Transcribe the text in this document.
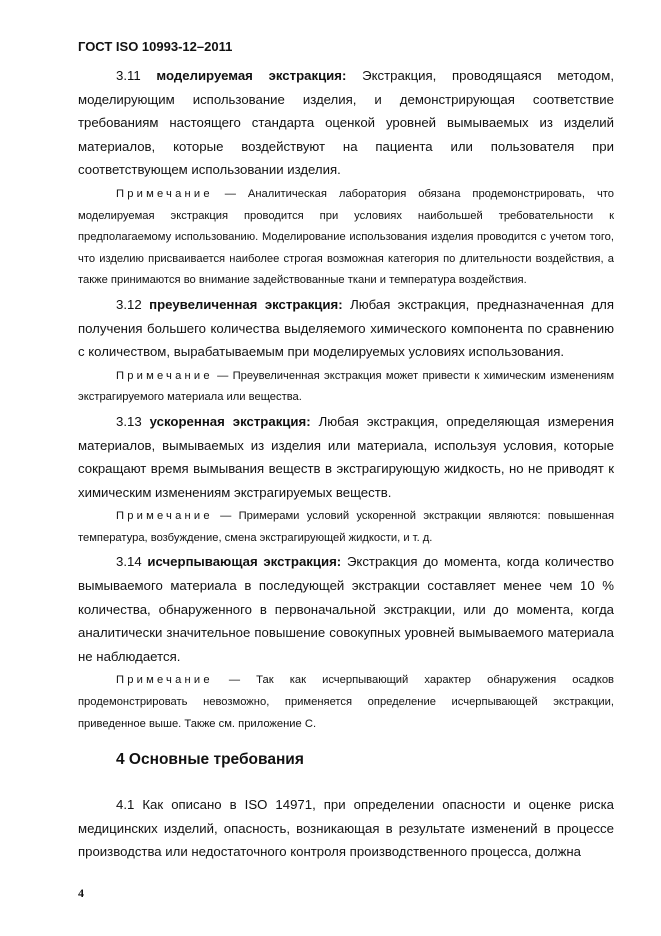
ГОСТ ISO 10993-12–2011

3.11 моделируемая экстракция: Экстракция, проводящаяся методом, моделирующим использование изделия, и демонстрирующая соответствие требованиям настоящего стандарта оценкой уровней вымываемых из изделий материалов, которые воздействуют на пациента или пользователя при соответствующем использовании изделия.

Примечание — Аналитическая лаборатория обязана продемонстрировать, что моделируемая экстракция проводится при условиях наибольшей требовательности к предполагаемому использованию. Моделирование использования изделия проводится с учетом того, что изделию присваивается наиболее строгая возможная категория по длительности воздействия, а также принимаются во внимание задействованные ткани и температура воздействия.

3.12 преувеличенная экстракция: Любая экстракция, предназначенная для получения большего количества выделяемого химического компонента по сравнению с количеством, вырабатываемым при моделируемых условиях использования.

Примечание — Преувеличенная экстракция может привести к химическим изменениям экстрагируемого материала или вещества.

3.13 ускоренная экстракция: Любая экстракция, определяющая измерения материалов, вымываемых из изделия или материала, используя условия, которые сокращают время вымывания веществ в экстрагирующую жидкость, но не приводят к химическим изменениям экстрагируемых веществ.

Примечание — Примерами условий ускоренной экстракции являются: повышенная температура, возбуждение, смена экстрагирующей жидкости, и т. д.

3.14 исчерпывающая экстракция: Экстракция до момента, когда количество вымываемого материала в последующей экстракции составляет менее чем 10 % количества, обнаруженного в первоначальной экстракции, или до момента, когда аналитически значительное повышение совокупных уровней вымываемого материала не наблюдается.

Примечание — Так как исчерпывающий характер обнаружения осадков продемонстрировать невозможно, применяется определение исчерпывающей экстракции, приведенное выше. Также см. приложение С.

4 Основные требования

4.1 Как описано в ISO 14971, при определении опасности и оценке риска медицинских изделий, опасность, возникающая в результате изменений в процессе производства или недостаточного контроля производственного процесса, должна

4
